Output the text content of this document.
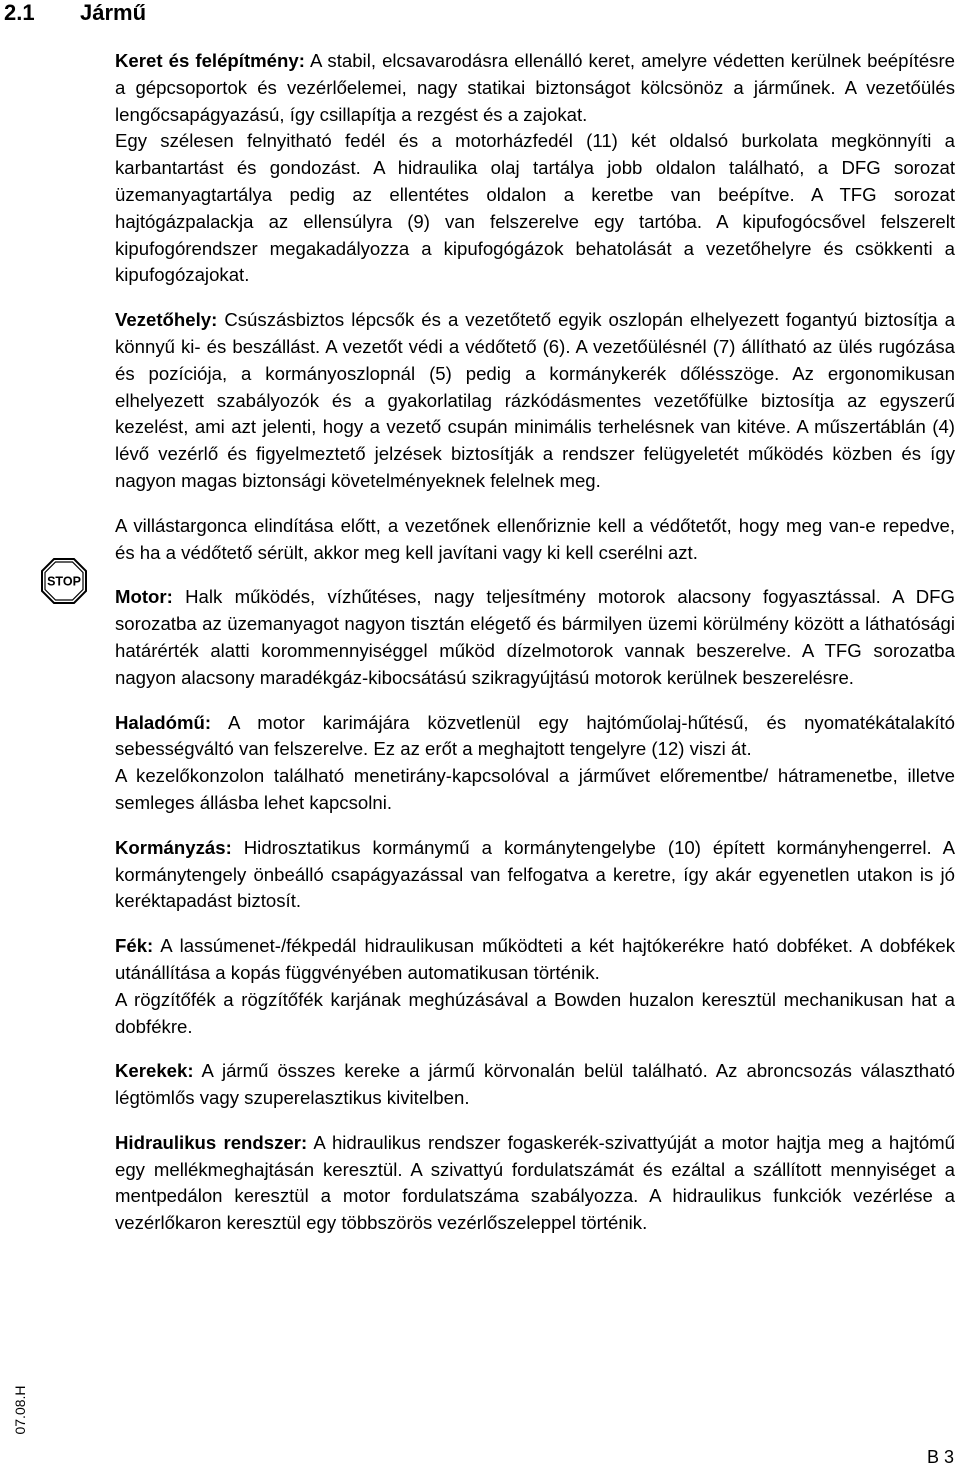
2.1 Jármű
STOP

Keret és felépítmény: A stabil, elcsavarodásra ellenálló keret, amelyre védetten kerülnek beépítésre a gépcsoportok és vezérlőelemei, nagy statikai biztonságot kölcsönöz a járműnek. A vezetőülés lengőcsapágyazású, így csillapítja a rezgést és a zajokat.

Egy szélesen felnyitható fedél és a motorházfedél (11) két oldalsó burkolata megkönnyíti a karbantartást és gondozást. A hidraulika olaj tartálya jobb oldalon található, a DFG sorozat üzemanyagtartálya pedig az ellentétes oldalon a keretbe van beépítve. A TFG sorozat hajtógázpalackja az ellensúlyra (9) van felszerelve egy tartóba. A kipufogócsővel felszerelt kipufogórendszer megakadályozza a kipufogógázok behatolását a vezetőhelyre és csökkenti a kipufogózajokat.

Vezetőhely: Csúszásbiztos lépcsők és a vezetőtető egyik oszlopán elhelyezett fogantyú biztosítja a könnyű ki- és beszállást. A vezetőt védi a védőtető (6). A vezetőülésnél (7) állítható az ülés rugózása és pozíciója, a kormányoszlopnál (5) pedig a kormánykerék dőlésszöge. Az ergonomikusan elhelyezett szabályozók és a gyakorlatilag rázkódásmentes vezetőfülke biztosítja az egyszerű kezelést, ami azt jelenti, hogy a vezető csupán minimális terhelésnek van kitéve. A műszertáblán (4) lévő vezérlő és figyelmeztető jelzések biztosítják a rendszer felügyeletét működés közben és így nagyon magas biztonsági követelményeknek felelnek meg.

A villástargonca elindítása előtt, a vezetőnek ellenőriznie kell a védőtetőt, hogy meg van-e repedve, és ha a védőtető sérült, akkor meg kell javítani vagy ki kell cserélni azt.

Motor: Halk működés, vízhűtéses, nagy teljesítmény motorok alacsony fogyasztással. A DFG sorozatba az üzemanyagot nagyon tisztán elégető és bármilyen üzemi körülmény között a láthatósági határérték alatti korommennyiséggel működ dízelmotorok vannak beszerelve. A TFG sorozatba nagyon alacsony maradékgáz-kibocsátású szikragyújtású motorok kerülnek beszerelésre.

Haladómű: A motor karimájára közvetlenül egy hajtóműolaj-hűtésű, és nyomatékátalakító sebességváltó van felszerelve. Ez az erőt a meghajtott tengelyre (12) viszi át.

A kezelőkonzolon található menetirány-kapcsolóval a járművet előrementbe/ hátramenetbe, illetve semleges állásba lehet kapcsolni.

Kormányzás: Hidrosztatikus kormánymű a kormánytengelybe (10) épített kormányhengerrel. A kormánytengely önbeálló csapágyazással van felfogatva a keretre, így akár egyenetlen utakon is jó keréktapadást biztosít.

Fék: A lassúmenet-/fékpedál hidraulikusan működteti a két hajtókerékre ható dobféket. A dobfékek utánállítása a kopás függvényében automatikusan történik.

A rögzítőfék a rögzítőfék karjának meghúzásával a Bowden huzalon keresztül mechanikusan hat a dobfékre.

Kerekek: A jármű összes kereke a jármű körvonalán belül található. Az abroncsozás választható légtömlős vagy szuperelasztikus kivitelben.

Hidraulikus rendszer: A hidraulikus rendszer fogaskerék-szivattyúját a motor hajtja meg a hajtómű egy mellékmeghajtásán keresztül. A szivattyú fordulatszámát és ezáltal a szállított mennyiséget a mentpedálon keresztül a motor fordulatszáma szabályozza. A hidraulikus funkciók vezérlése a vezérlőkaron keresztül egy többszörös vezérlőszeleppel történik.

07.08.H
B 3
